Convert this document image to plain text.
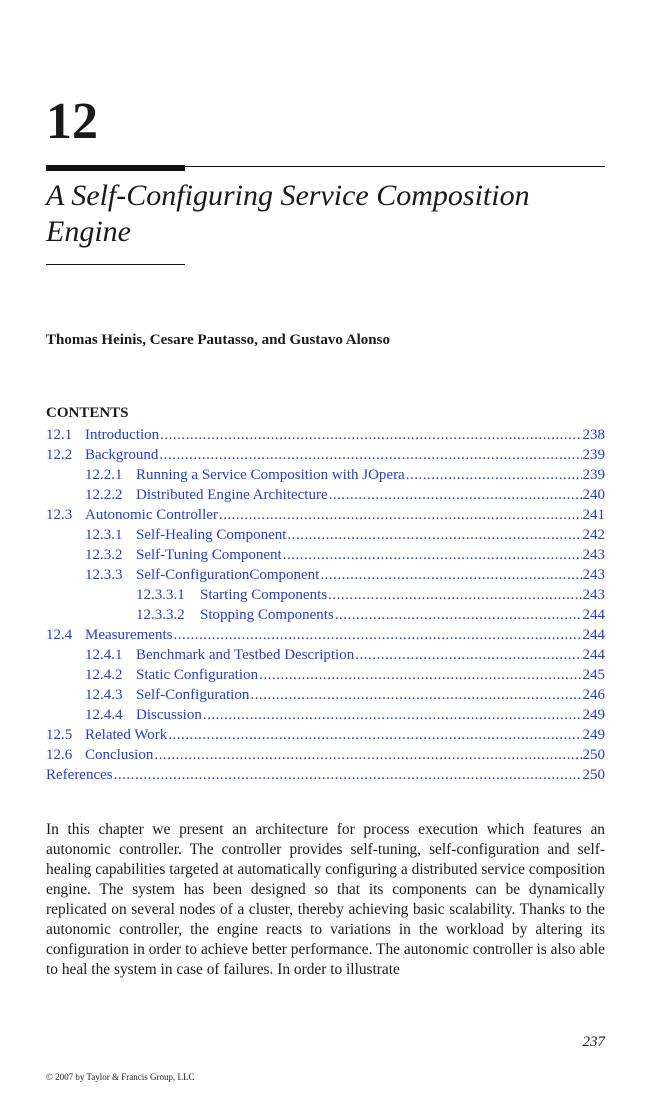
12
A Self-Configuring Service Composition Engine
Thomas Heinis, Cesare Pautasso, and Gustavo Alonso
CONTENTS
12.1 Introduction .....	238
12.2 Background .....	239
12.2.1 Running a Service Composition with JOpera .....	239
12.2.2 Distributed Engine Architecture .....	240
12.3 Autonomic Controller .....	241
12.3.1 Self-Healing Component .....	242
12.3.2 Self-Tuning Component .....	243
12.3.3 Self-ConfigurationComponent .....	243
12.3.3.1	Starting Components .....	243
12.3.3.2	Stopping Components .....	244
12.4 Measurements .....	244
12.4.1 Benchmark and Testbed Description .....	244
12.4.2 Static Configuration .....	245
12.4.3 Self-Configuration .....	246
12.4.4 Discussion .....	249
12.5 Related Work .....	249
12.6 Conclusion .....	250
References .....	250

In this chapter we present an architecture for process execution which features an autonomic controller. The controller provides self-tuning, self-configuration and self-healing capabilities targeted at automatically configuring a distributed service composition engine. The system has been designed so that its components can be dynamically replicated on several nodes of a cluster, thereby achieving basic scalability. Thanks to the autonomic controller, the engine reacts to variations in the workload by altering its configuration in order to achieve better performance. The autonomic controller is also able to heal the system in case of failures. In order to illustrate

237
© 2007 by Taylor & Francis Group, LLC
